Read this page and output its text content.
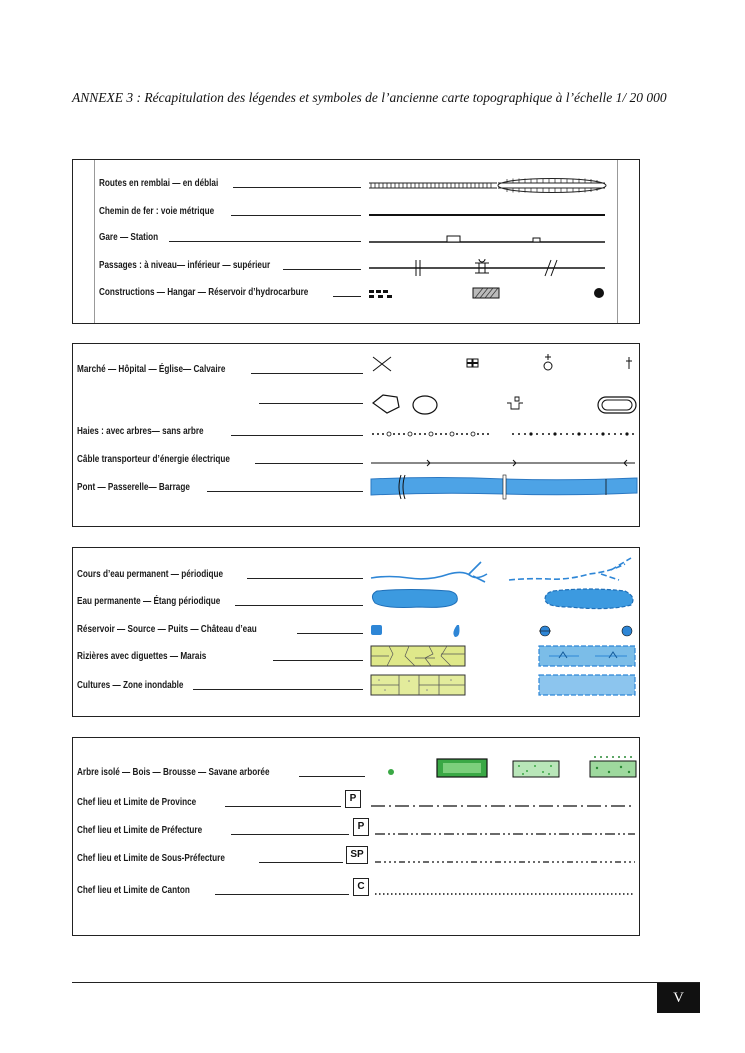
ANNEXE 3 : Récapitulation des légendes et symboles de l’ancienne carte topographique à l’échelle 1/ 20 000
Routes en remblai — en déblai
Chemin de fer : voie métrique
Gare — Station
Passages : à niveau— inférieur — supérieur
Constructions — Hangar — Réservoir d’hydrocarbure
Marché — Hôpital — Église— Calvaire
Haies : avec arbres— sans arbre
Câble transporteur d’énergie électrique
Pont — Passerelle— Barrage
Cours d’eau permanent — périodique
Eau permanente — Étang périodique
Réservoir — Source — Puits — Château d’eau
Rizières avec diguettes — Marais
Cultures — Zone inondable
Arbre isolé — Bois — Brousse — Savane arborée
Chef lieu et Limite de Province	P
Chef lieu et Limite de Préfecture	P
Chef lieu et Limite de Sous-Préfecture	SP
Chef lieu et Limite de Canton	C
V
